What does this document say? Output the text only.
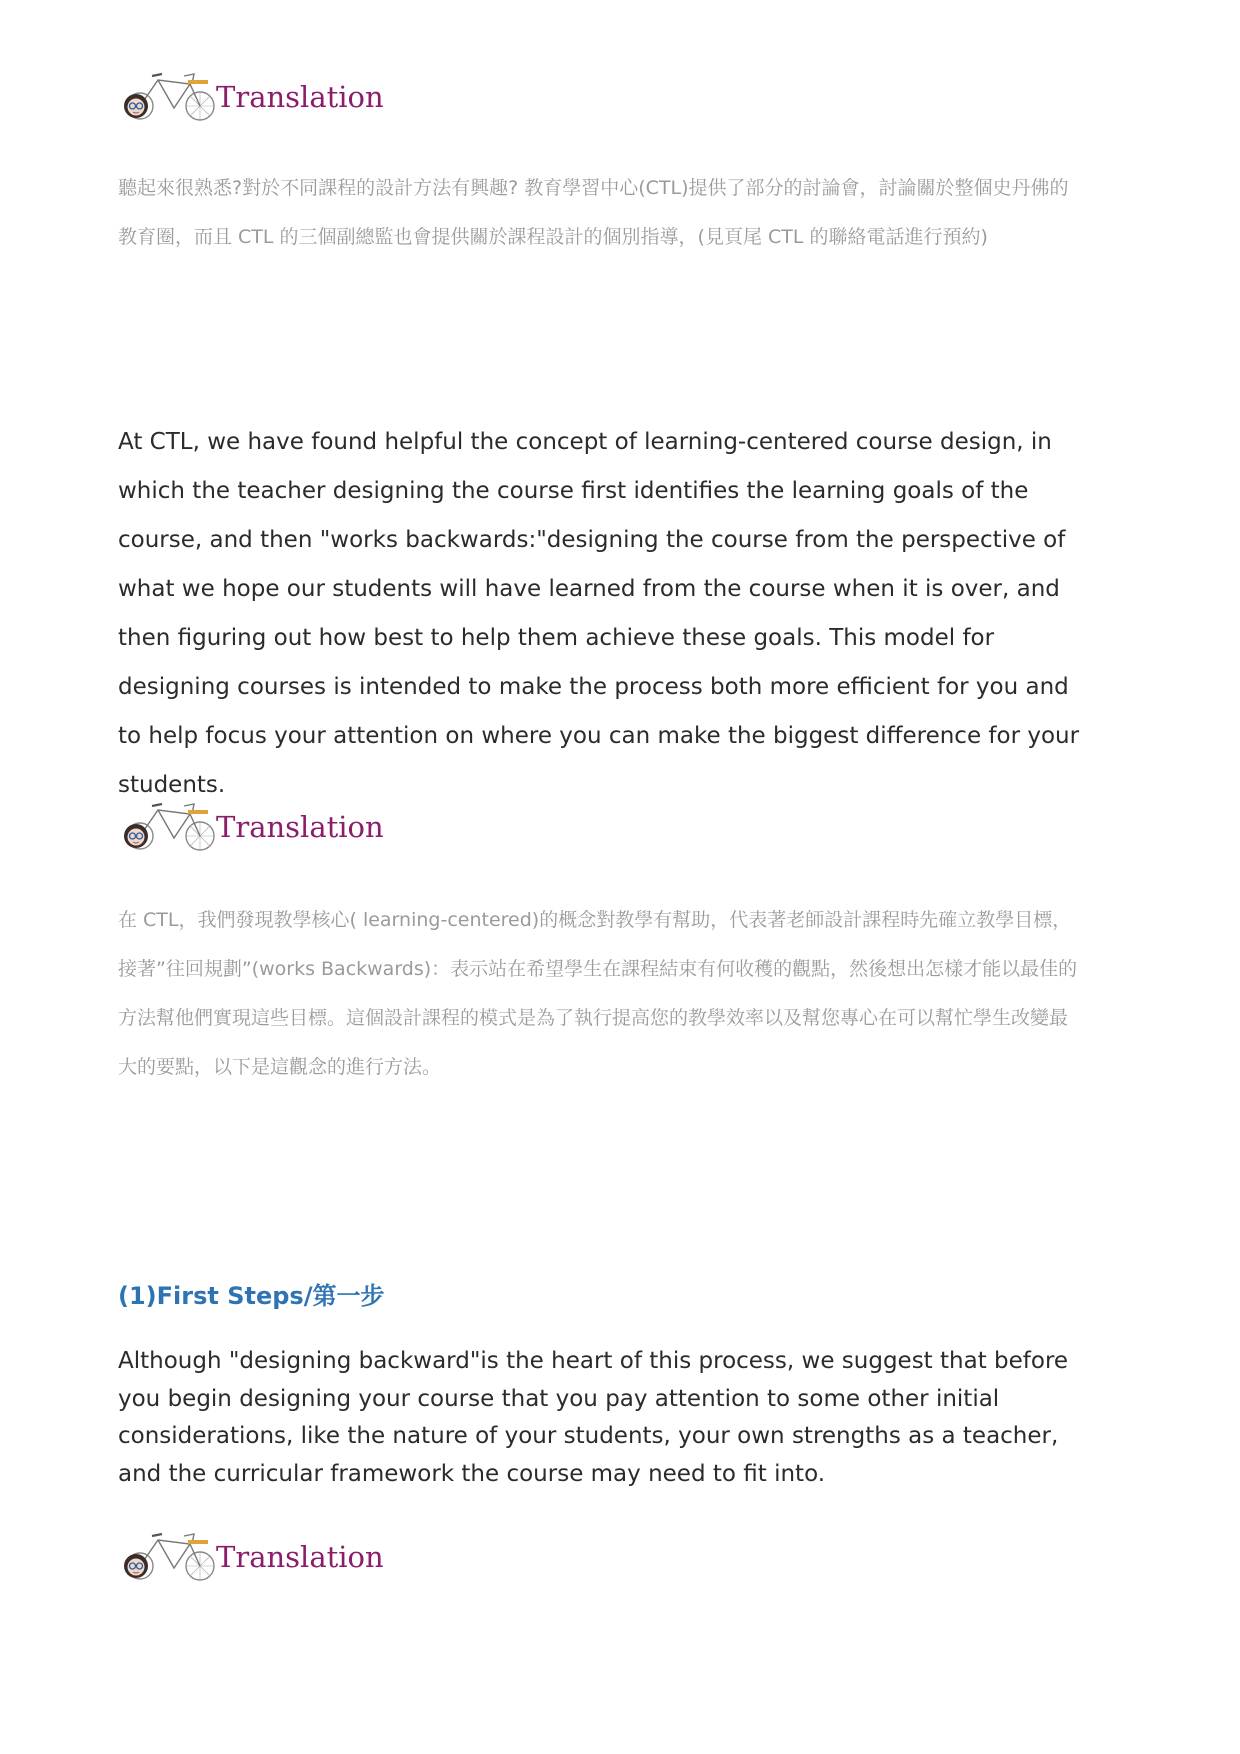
Translation

聽起來很熟悉?對於不同課程的設計方法有興趣? 教育學習中心(CTL)提供了部分的討論會，討論關於整個史丹佛的教育圈，而且 CTL 的三個副總監也會提供關於課程設計的個別指導，(見頁尾 CTL 的聯絡電話進行預約)

At CTL, we have found helpful the concept of learning-centered course design, in which the teacher designing the course first identifies the learning goals of the course, and then "works backwards:"designing the course from the perspective of what we hope our students will have learned from the course when it is over, and then figuring out how best to help them achieve these goals. This model for designing courses is intended to make the process both more efficient for you and to help focus your attention on where you can make the biggest difference for your students.

Translation

在 CTL，我們發現教學核心( learning-centered)的概念對教學有幫助，代表著老師設計課程時先確立教學目標，接著”往回規劃”(works Backwards)：表示站在希望學生在課程結束有何收穫的觀點，然後想出怎樣才能以最佳的方法幫他們實現這些目標。這個設計課程的模式是為了執行提高您的教學效率以及幫您專心在可以幫忙學生改變最大的要點，以下是這觀念的進行方法。

(1)First Steps/第一步

Although "designing backward"is the heart of this process, we suggest that before you begin designing your course that you pay attention to some other initial considerations, like the nature of your students, your own strengths as a teacher, and the curricular framework the course may need to fit into.

Translation
